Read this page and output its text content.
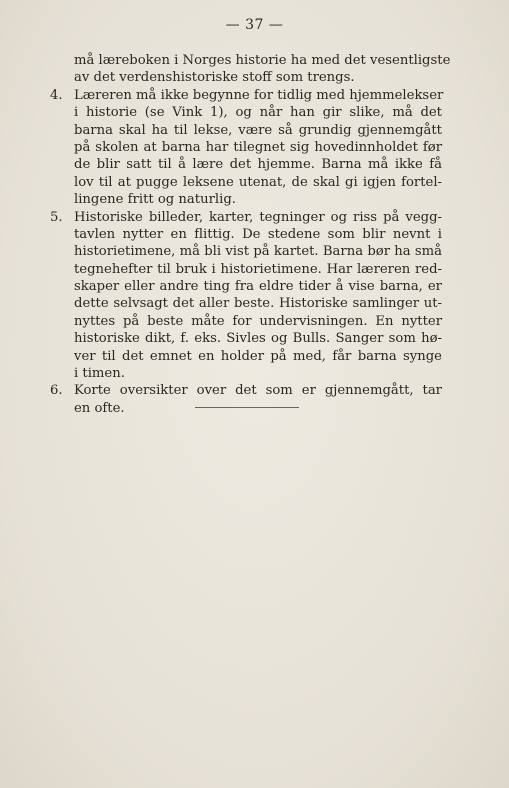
— 37 —
må læreboken i Norges historie ha med det vesentligste
av det verdenshistoriske stoff som trengs.
4. Læreren må ikke begynne for tidlig med hjemmelekser
i historie (se Vink 1), og når han gir slike, må det
barna skal ha til lekse, være så grundig gjennemgått
på skolen at barna har tilegnet sig hovedinnholdet før
de blir satt til å lære det hjemme. Barna må ikke få
lov til at pugge leksene utenat, de skal gi igjen fortel-
lingene fritt og naturlig.
5. Historiske billeder, karter, tegninger og riss på vegg-
tavlen nytter en flittig. De stedene som blir nevnt i
historietimene, må bli vist på kartet. Barna bør ha små
tegnehefter til bruk i historietimene. Har læreren red-
skaper eller andre ting fra eldre tider å vise barna, er
dette selvsagt det aller beste. Historiske samlinger ut-
nyttes på beste måte for undervisningen. En nytter
historiske dikt, f. eks. Sivles og Bulls. Sanger som hø-
ver til det emnet en holder på med, får barna synge
i timen.
6. Korte oversikter over det som er gjennemgått, tar
en ofte.
